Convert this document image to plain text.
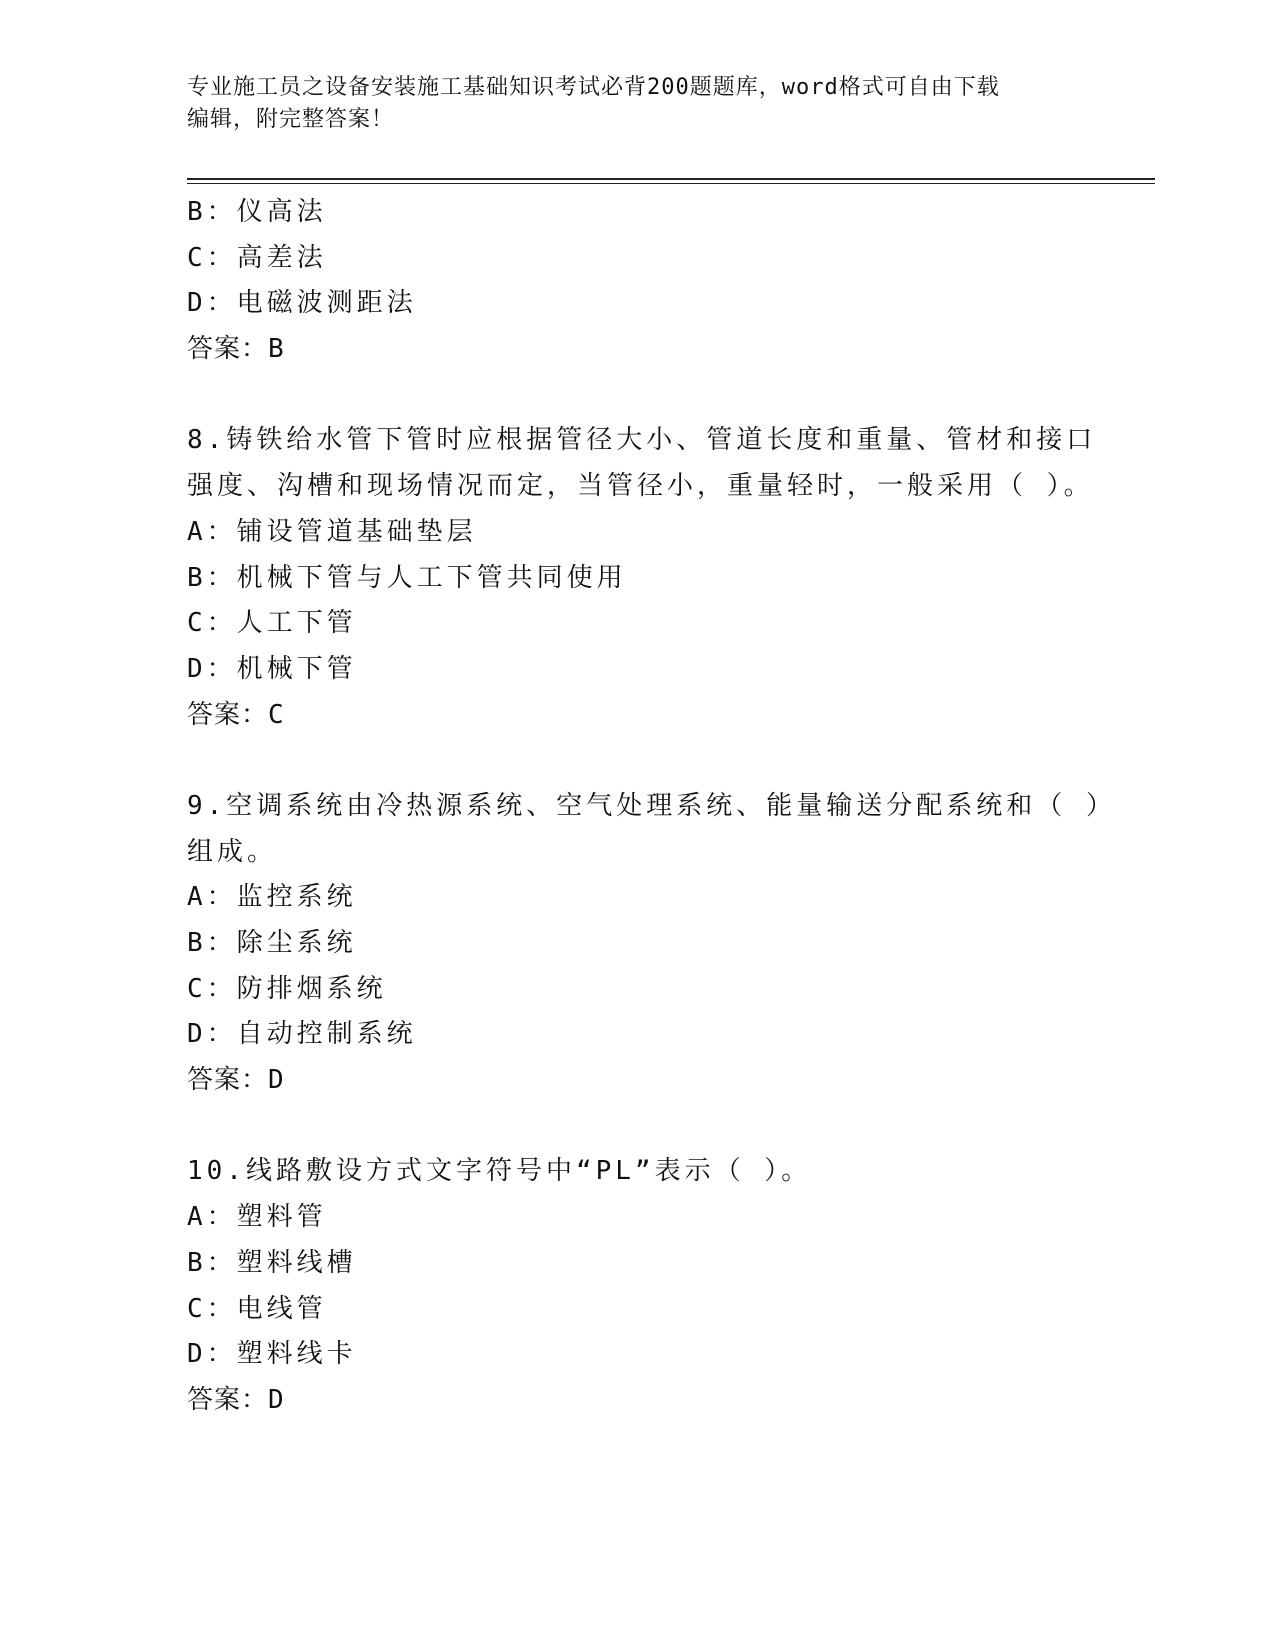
专业施工员之设备安装施工基础知识考试必背200题题库，word格式可自由下载
编辑，附完整答案！
B：仪高法
C：高差法
D：电磁波测距法
答案：B
8.铸铁给水管下管时应根据管径大小、管道长度和重量、管材和接口
强度、沟槽和现场情况而定，当管径小，重量轻时，一般采用（ ）。
A：铺设管道基础垫层
B：机械下管与人工下管共同使用
C：人工下管
D：机械下管
答案：C
9.空调系统由冷热源系统、空气处理系统、能量输送分配系统和（ ）
组成。
A：监控系统
B：除尘系统
C：防排烟系统
D：自动控制系统
答案：D
10.线路敷设方式文字符号中“PL”表示（ ）。
A：塑料管
B：塑料线槽
C：电线管
D：塑料线卡
答案：D
